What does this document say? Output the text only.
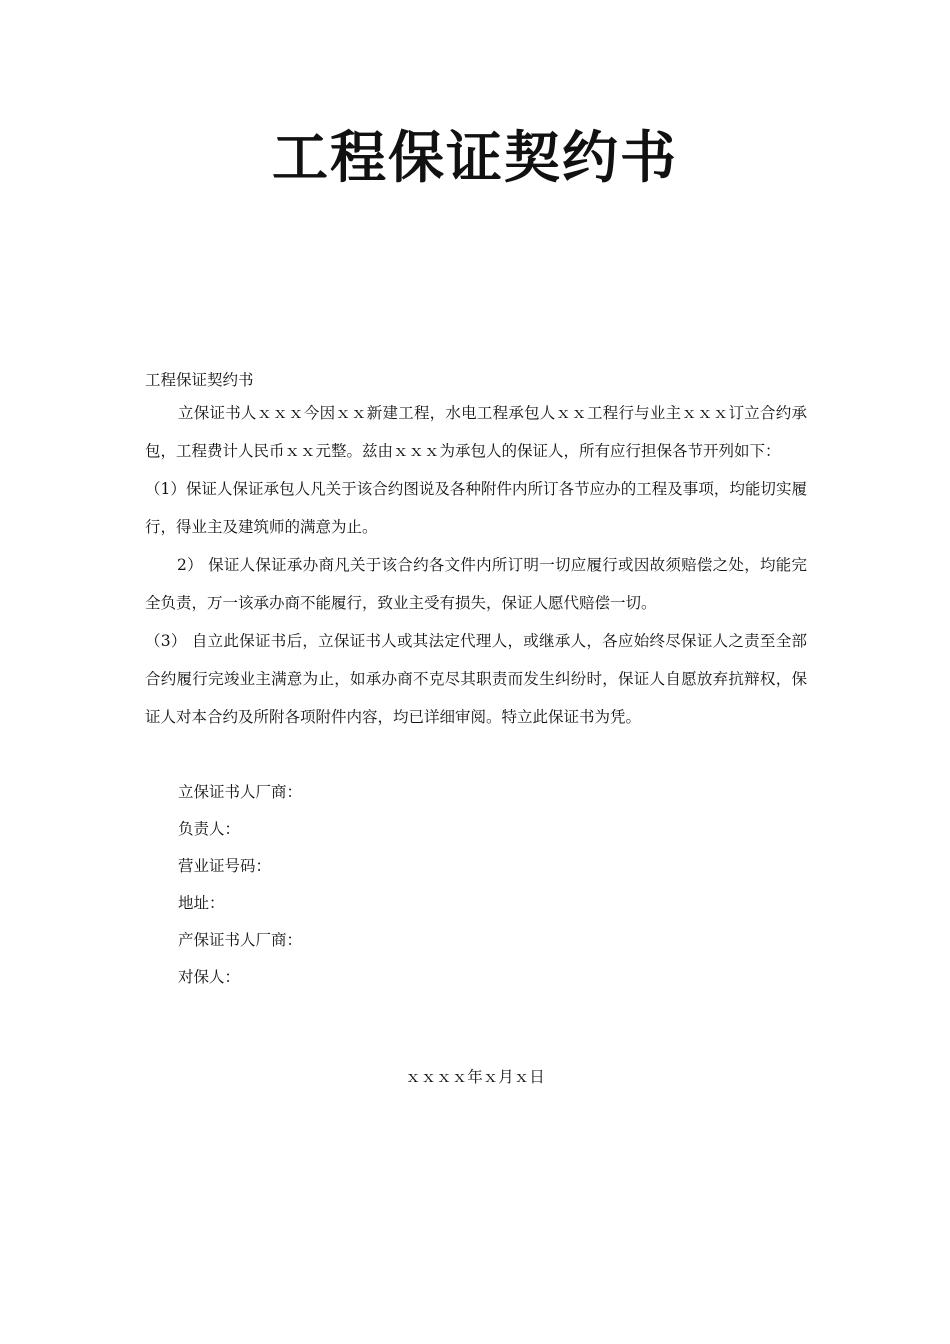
工程保证契约书

工程保证契约书

立保证书人ｘｘｘ今因ｘｘ新建工程，水电工程承包人ｘｘ工程行与业主ｘｘｘ订立合约承包，工程费计人民币ｘｘ元整。兹由ｘｘｘ为承包人的保证人，所有应行担保各节开列如下：

（1）保证人保证承包人凡关于该合约图说及各种附件内所订各节应办的工程及事项，均能切实履行，得业主及建筑师的满意为止。

2） 保证人保证承办商凡关于该合约各文件内所订明一切应履行或因故须赔偿之处，均能完全负责，万一该承办商不能履行，致业主受有损失，保证人愿代赔偿一切。

（3） 自立此保证书后，立保证书人或其法定代理人，或继承人，各应始终尽保证人之责至全部合约履行完竣业主满意为止，如承办商不克尽其职责而发生纠纷时，保证人自愿放弃抗辩权，保证人对本合约及所附各项附件内容，均已详细审阅。特立此保证书为凭。

立保证书人厂商：

负责人：

营业证号码：

地址：

产保证书人厂商：

对保人：

ｘｘｘｘ年ｘ月ｘ日
